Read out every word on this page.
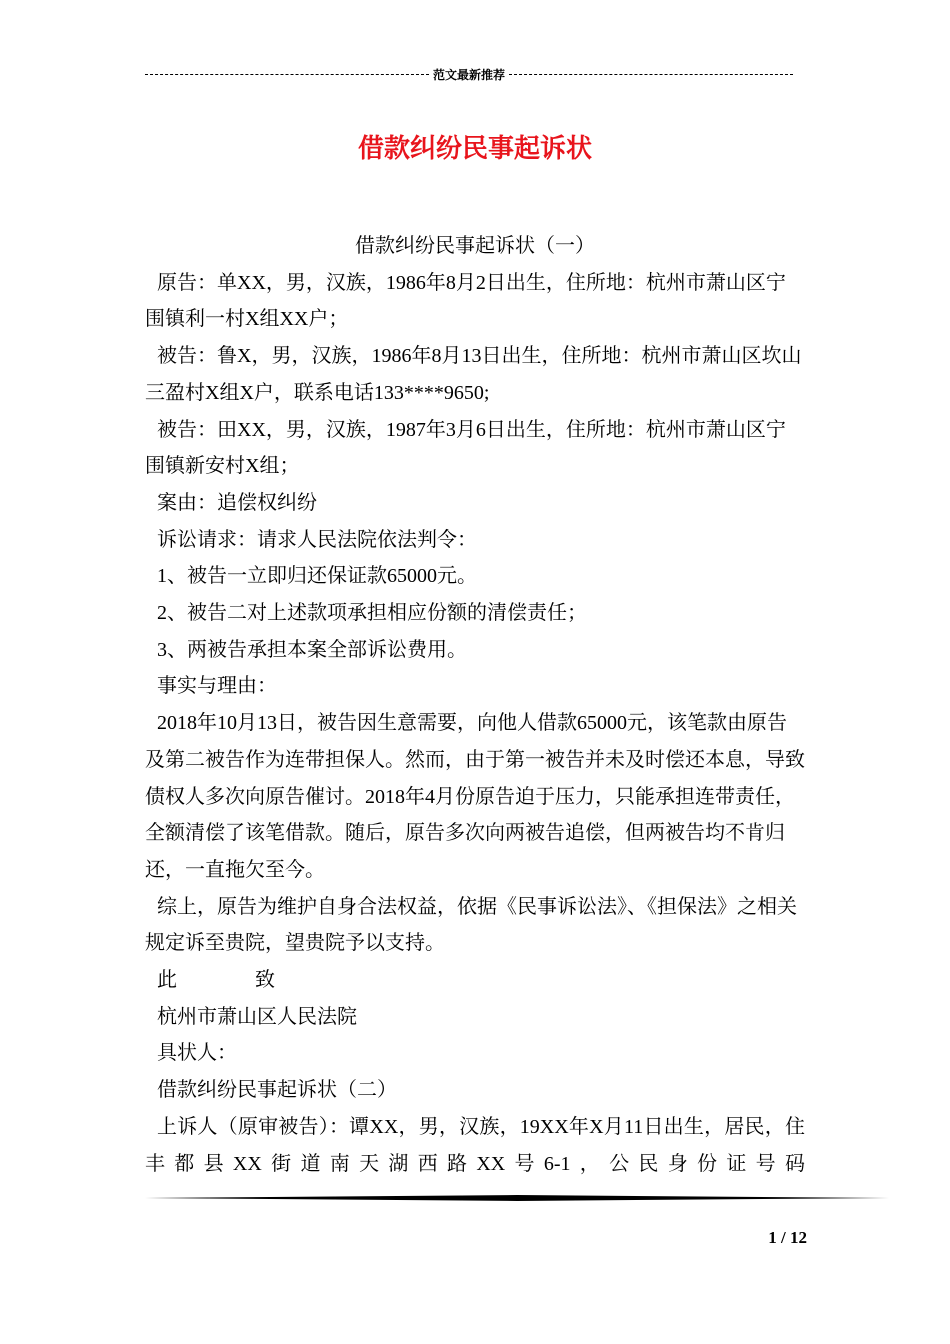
范文最新推荐
借款纠纷民事起诉状

借款纠纷民事起诉状（一）

原告：单XX，男，汉族，1986年8月2日出生，住所地：杭州市萧山区宁围镇利一村X组XX户；

被告：鲁X，男，汉族，1986年8月13日出生，住所地：杭州市萧山区坎山三盈村X组X户，联系电话133****9650;

被告：田XX，男，汉族，1987年3月6日出生，住所地：杭州市萧山区宁围镇新安村X组；

案由：追偿权纠纷

诉讼请求：请求人民法院依法判令：

1、被告一立即归还保证款65000元。

2、被告二对上述款项承担相应份额的清偿责任；

3、两被告承担本案全部诉讼费用。

事实与理由：

2018年10月13日，被告因生意需要，向他人借款65000元，该笔款由原告及第二被告作为连带担保人。然而，由于第一被告并未及时偿还本息，导致债权人多次向原告催讨。2018年4月份原告迫于压力，只能承担连带责任，全额清偿了该笔借款。随后，原告多次向两被告追偿，但两被告均不肯归还，一直拖欠至今。

综上，原告为维护自身合法权益，依据《民事诉讼法》、《担保法》之相关规定诉至贵院，望贵院予以支持。

此	致

杭州市萧山区人民法院

具状人：

借款纠纷民事起诉状（二）

上诉人（原审被告）：谭XX，男，汉族，19XX年X月11日出生，居民，住丰都县XX街道南天湖西路XX号6-1，公民身份证号码

1 / 12
